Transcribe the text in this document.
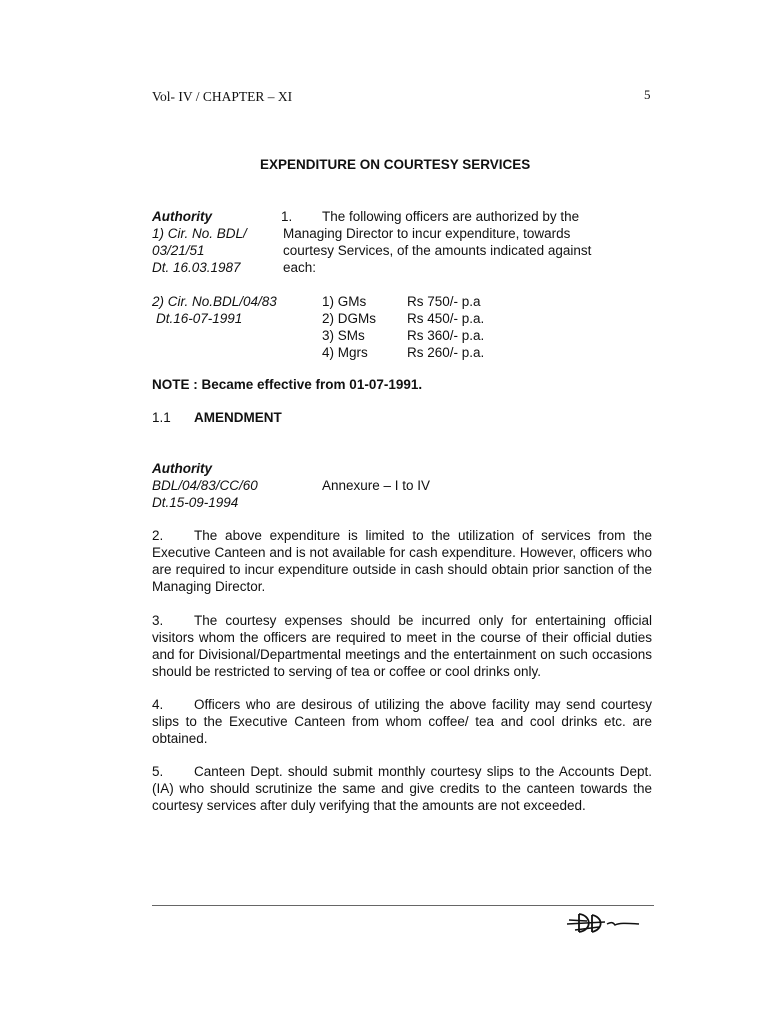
Vol- IV / CHAPTER – XI	5
EXPENDITURE ON COURTESY SERVICES
Authority
1) Cir. No. BDL/
03/21/51
Dt. 16.03.1987
1.	The following officers are authorized by the
Managing Director to incur expenditure, towards
courtesy Services, of the amounts indicated against
each:
2) Cir. No.BDL/04/83
Dt.16-07-1991
1) GMs	Rs 750/- p.a
2) DGMs	Rs 450/- p.a.
3) SMs	Rs 360/- p.a.
4) Mgrs	Rs 260/- p.a.
NOTE : Became effective from 01-07-1991.
1.1 AMENDMENT
Authority
BDL/04/83/CC/60
Dt.15-09-1994
Annexure – I to IV
2. The above expenditure is limited to the utilization of services from the Executive Canteen and is not available for cash expenditure. However, officers who are required to incur expenditure outside in cash should obtain prior sanction of the Managing Director.
3. The courtesy expenses should be incurred only for entertaining official visitors whom the officers are required to meet in the course of their official duties and for Divisional/Departmental meetings and the entertainment on such occasions should be restricted to serving of tea or coffee or cool drinks only.
4. Officers who are desirous of utilizing the above facility may send courtesy slips to the Executive Canteen from whom coffee/ tea and cool drinks etc. are obtained.
5. Canteen Dept. should submit monthly courtesy slips to the Accounts Dept. (IA) who should scrutinize the same and give credits to the canteen towards the courtesy services after duly verifying that the amounts are not exceeded.
